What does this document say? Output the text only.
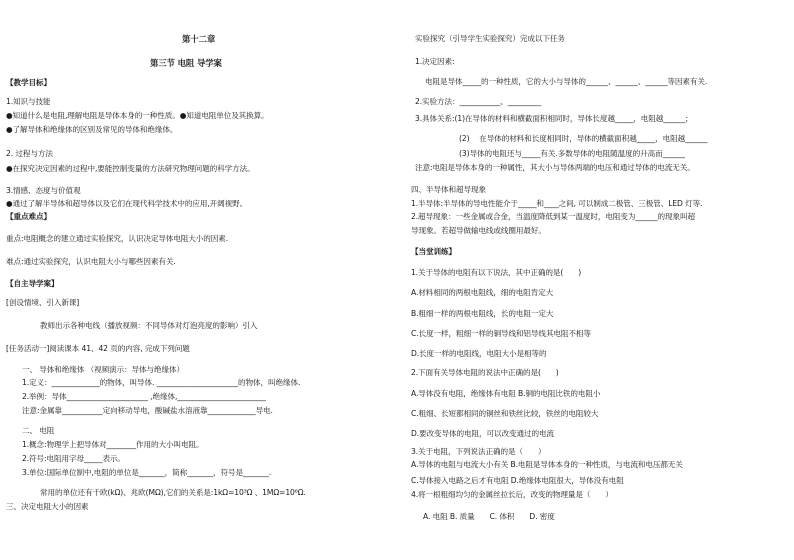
第十二章
第三节 电阻 导学案
【教学目标】
1.知识与技能
●知道什么是电阻,理解电阻是导体本身的一种性质。●知道电阻单位及其换算。
●了解导体和绝缘体的区别及常见的导体和绝缘体。
2. 过程与方法
●在探究决定因素的过程中,要能控制变量的方法研究物理问题的科学方法。
3.情感、态度与价值观
●通过了解半导体和超导体以及它们在现代科学技术中的应用,开阔视野。
【重点难点】
重点:电阻概念的建立通过实验探究，认识决定导体电阻大小的因素.
难点:通过实验探究，认识电阻大小与哪些因素有关.
【自主导学案】
[创设情境、引入新课]
教师出示各种电线（播放视频：不同导体对灯泡亮度的影响）引入
[任务活动一]阅读课本 41、42 页的内容, 完成下列问题
一、 导体和绝缘体 （视频演示：导体与绝缘体）
1.定义：_____________的物体，叫导体. ______________________的物体，叫绝缘体.
2.举例：导体______________________ ,绝缘体,________________________
注意:金属靠___________定向移动导电，酸碱盐水溶液靠_____________导电.
二、 电阻
1.概念:物理学上把导体对________作用的大小叫电阻。
2.符号:电阻用字母_____表示。
3.单位:国际单位制中,电阻的单位是_______，简称_______，符号是_______.
常用的单位还有千欧(kΩ)、兆欧(MΩ),它们的关系是:1kΩ=10³Ω 、1MΩ=10⁶Ω.
三、决定电阻大小的因素
实验探究（引导学生实验探究）完成以下任务
1.决定因素:
电阻是导体_____的一种性质，它的大小与导体的______、______、______等因素有关.
2.实验方法：___________、_________
3.具体关系:(1)在导体的材料和横截面积相同时，导体长度越_____，电阻越______;
(2)　 在导体的材料和长度相同时，导体的横截面积越_____，电阻越______
(3)导体的电阻还与_____有关.多数导体的电阻随温度的升高而______
注意:电阻是导体本身的一种属性，其大小与导体两端的电压和通过导体的电流无关。
四、半导体和超导现象
1.半导体:半导体的导电性能介于_____和____之间, 可以制成二极管、三极管、LED 灯等.
2.超导现象：一些金属或合金，当温度降低到某一温度时，电阻变为______的现象叫超
导现象。若超导做输电线或线圈用最好。
【当堂训练】
1.关于导体的电阻有以下说法，其中正确的是(　　)
A.材料相同的两根电阻线，细的电阻肯定大
B.粗细一样的两根电阻线，长的电阻一定大
C.长度一样，粗细一样的铜导线和铝导线其电阻不相等
D.长度一样的电阻线，电阻大小是相等的
2.下面有关导体电阻的说法中正确的是(　　)
A.导体没有电阻，绝缘体有电阻 B.铜的电阻比铁的电阻小
C.粗细、长短都相同的铜丝和铁丝比较，铁丝的电阻较大
D.要改变导体的电阻，可以改变通过的电流
3.关于电阻，下列说法正确的是（　　）
A.导体的电阻与电流大小有关 B.电阻是导体本身的一种性质，与电流和电压都无关
C.导体接入电路之后才有电阻 D.绝缘体电阻很大，导体没有电阻
4.将一根粗细均匀的金属丝拉长后，改变的物理量是（　　）
A. 电阻 B. 质量　　C. 体积　　D. 密度
